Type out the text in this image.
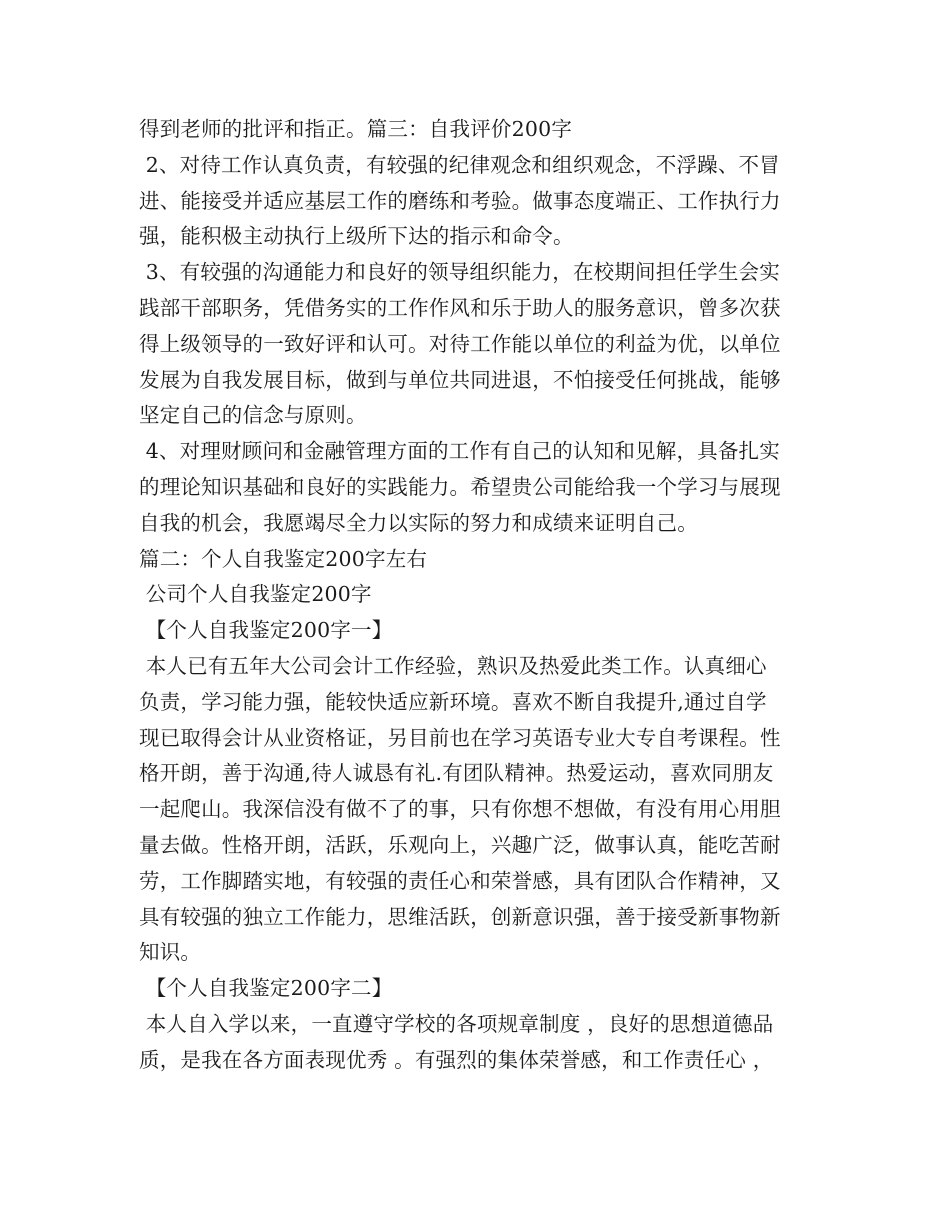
得到老师的批评和指正。篇三：自我评价200字
2、对待工作认真负责，有较强的纪律观念和组织观念，不浮躁、不冒
进、能接受并适应基层工作的磨练和考验。做事态度端正、工作执行力
强，能积极主动执行上级所下达的指示和命令。
3、有较强的沟通能力和良好的领导组织能力，在校期间担任学生会实
践部干部职务，凭借务实的工作作风和乐于助人的服务意识，曾多次获
得上级领导的一致好评和认可。对待工作能以单位的利益为优，以单位
发展为自我发展目标，做到与单位共同进退，不怕接受任何挑战，能够
坚定自己的信念与原则。
4、对理财顾问和金融管理方面的工作有自己的认知和见解，具备扎实
的理论知识基础和良好的实践能力。希望贵公司能给我一个学习与展现
自我的机会，我愿竭尽全力以实际的努力和成绩来证明自己。
篇二：个人自我鉴定200字左右
公司个人自我鉴定200字
【个人自我鉴定200字一】
本人已有五年大公司会计工作经验，熟识及热爱此类工作。认真细心
负责，学习能力强，能较快适应新环境。喜欢不断自我提升,通过自学
现已取得会计从业资格证，另目前也在学习英语专业大专自考课程。性
格开朗，善于沟通,待人诚恳有礼.有团队精神。热爱运动，喜欢同朋友
一起爬山。我深信没有做不了的事，只有你想不想做，有没有用心用胆
量去做。性格开朗，活跃，乐观向上，兴趣广泛，做事认真，能吃苦耐
劳，工作脚踏实地，有较强的责任心和荣誉感，具有团队合作精神，又
具有较强的独立工作能力，思维活跃，创新意识强，善于接受新事物新
知识。
【个人自我鉴定200字二】
本人自入学以来，一直遵守学校的各项规章制度 ，良好的思想道德品
质，是我在各方面表现优秀 。有强烈的集体荣誉感，和工作责任心 ，
